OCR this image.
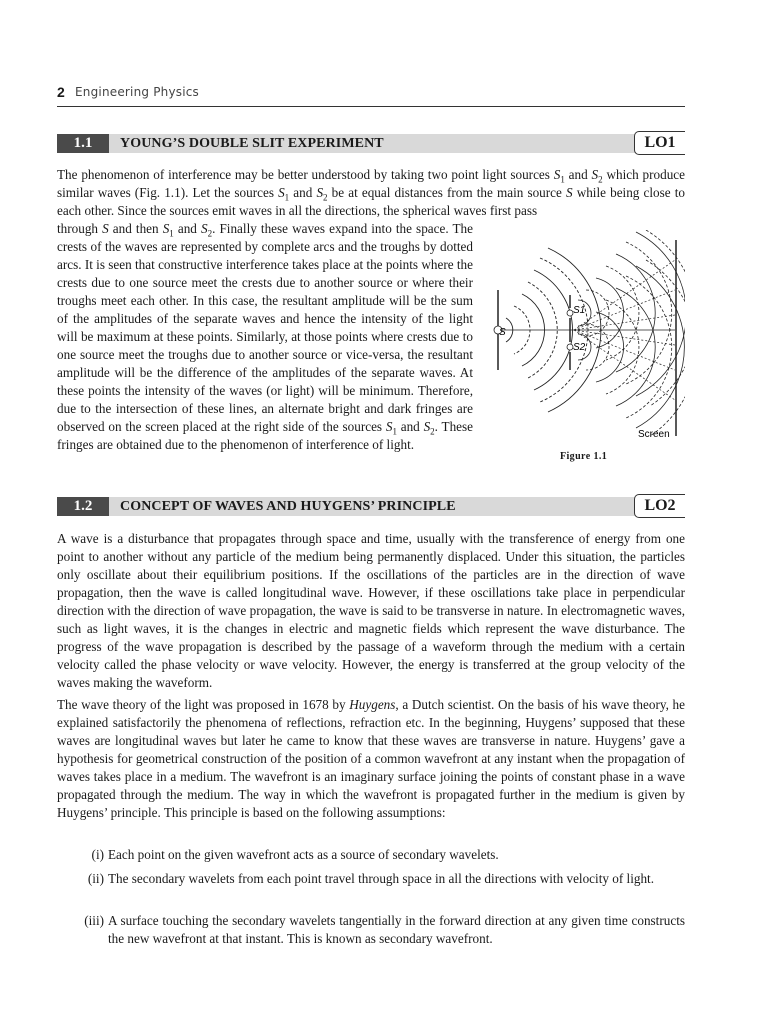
2 Engineering Physics
1.1	YOUNG’S DOUBLE SLIT EXPERIMENT	LO1

The phenomenon of interference may be better understood by taking two point light sources $S_1$ and $S_2$ which produce similar waves (Fig. 1.1). Let the sources $S_1$ and $S_2$ be at equal distances from the main source S while being close to each other. Since the sources emit waves in all the directions, the spherical waves first pass

through S and then $S_1$ and $S_2$. Finally these waves expand into the space. The crests of the waves are represented by complete arcs and the troughs by dotted arcs. It is seen that constructive interference takes place at the points where the crests due to one source meet the crests due to another source or where their troughs meet each other. In this case, the resultant amplitude will be the sum of the amplitudes of the separate waves and hence the intensity of the light will be maximum at these points. Similarly, at those points where crests due to one source meet the troughs due to another source or vice-versa, the resultant amplitude will be the difference of the amplitudes of the separate waves. At these points the intensity of the waves (or light) will be minimum. Therefore, due to the intersection of these lines, an alternate bright and dark fringes are observed on the screen placed at the right side of the sources $S_1$ and $S_2$. These fringes are obtained due to the phenomenon of interference of light.

S
S1
S2
Screen
Figure 1.1
1.2	CONCEPT OF WAVES AND HUYGENS’ PRINCIPLE	LO2
A wave is a disturbance that propagates through space and time, usually with the transference of energy from one point to another without any particle of the medium being permanently displaced. Under this situation, the particles only oscillate about their equilibrium positions. If the oscillations of the particles are in the direction of wave propagation, then the wave is called longitudinal wave. However, if these oscillations take place in perpendicular direction with the direction of wave propagation, the wave is said to be transverse in nature. In electromagnetic waves, such as light waves, it is the changes in electric and magnetic fields which represent the wave disturbance. The progress of the wave propagation is described by the passage of a waveform through the medium with a certain velocity called the phase velocity or wave velocity. However, the energy is transferred at the group velocity of the waves making the waveform.
The wave theory of the light was proposed in 1678 by Huygens, a Dutch scientist. On the basis of his wave theory, he explained satisfactorily the phenomena of reflections, refraction etc. In the beginning, Huygens’ supposed that these waves are longitudinal waves but later he came to know that these waves are transverse in nature. Huygens’ gave a hypothesis for geometrical construction of the position of a common wavefront at any instant when the propagation of waves takes place in a medium. The wavefront is an imaginary surface joining the points of constant phase in a wave propagated through the medium. The way in which the wavefront is propagated further in the medium is given by Huygens’ principle. This principle is based on the following assumptions:
(i) Each point on the given wavefront acts as a source of secondary wavelets.
(ii) The secondary wavelets from each point travel through space in all the directions with velocity of light.
(iii) A surface touching the secondary wavelets tangentially in the forward direction at any given time constructs the new wavefront at that instant. This is known as secondary wavefront.
